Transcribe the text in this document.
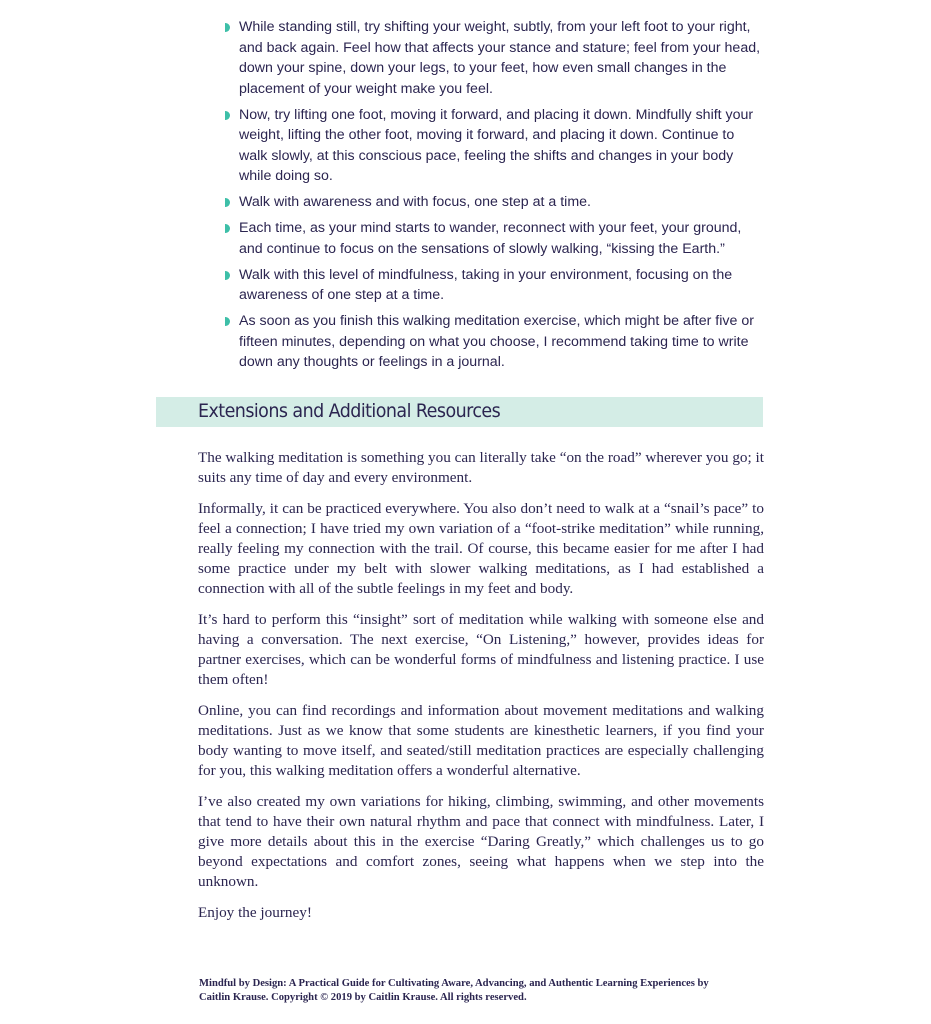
While standing still, try shifting your weight, subtly, from your left foot to your right, and back again. Feel how that affects your stance and stature; feel from your head, down your spine, down your legs, to your feet, how even small changes in the placement of your weight make you feel.
Now, try lifting one foot, moving it forward, and placing it down. Mindfully shift your weight, lifting the other foot, moving it forward, and placing it down. Continue to walk slowly, at this conscious pace, feeling the shifts and changes in your body while doing so.
Walk with awareness and with focus, one step at a time.
Each time, as your mind starts to wander, reconnect with your feet, your ground, and continue to focus on the sensations of slowly walking, “kissing the Earth.”
Walk with this level of mindfulness, taking in your environment, focusing on the awareness of one step at a time.
As soon as you finish this walking meditation exercise, which might be after five or fifteen minutes, depending on what you choose, I recommend taking time to write down any thoughts or feelings in a journal.
Extensions and Additional Resources

The walking meditation is something you can literally take “on the road” wherever you go; it suits any time of day and every environment.

Informally, it can be practiced everywhere. You also don’t need to walk at a “snail’s pace” to feel a connection; I have tried my own variation of a “foot-strike meditation” while running, really feeling my connection with the trail. Of course, this became easier for me after I had some practice under my belt with slower walking meditations, as I had established a connection with all of the subtle feelings in my feet and body.

It’s hard to perform this “insight” sort of meditation while walking with someone else and having a conversation. The next exercise, “On Listening,” however, provides ideas for partner exercises, which can be wonderful forms of mindfulness and listening practice. I use them often!

Online, you can find recordings and information about movement meditations and walking meditations. Just as we know that some students are kinesthetic learners, if you find your body wanting to move itself, and seated/still meditation practices are especially challenging for you, this walking meditation offers a wonderful alternative.

I’ve also created my own variations for hiking, climbing, swimming, and other movements that tend to have their own natural rhythm and pace that connect with mindfulness. Later, I give more details about this in the exercise “Daring Greatly,” which challenges us to go beyond expectations and comfort zones, seeing what happens when we step into the unknown.

Enjoy the journey!

Mindful by Design: A Practical Guide for Cultivating Aware, Advancing, and Authentic Learning Experiences by
Caitlin Krause. Copyright © 2019 by Caitlin Krause. All rights reserved.
